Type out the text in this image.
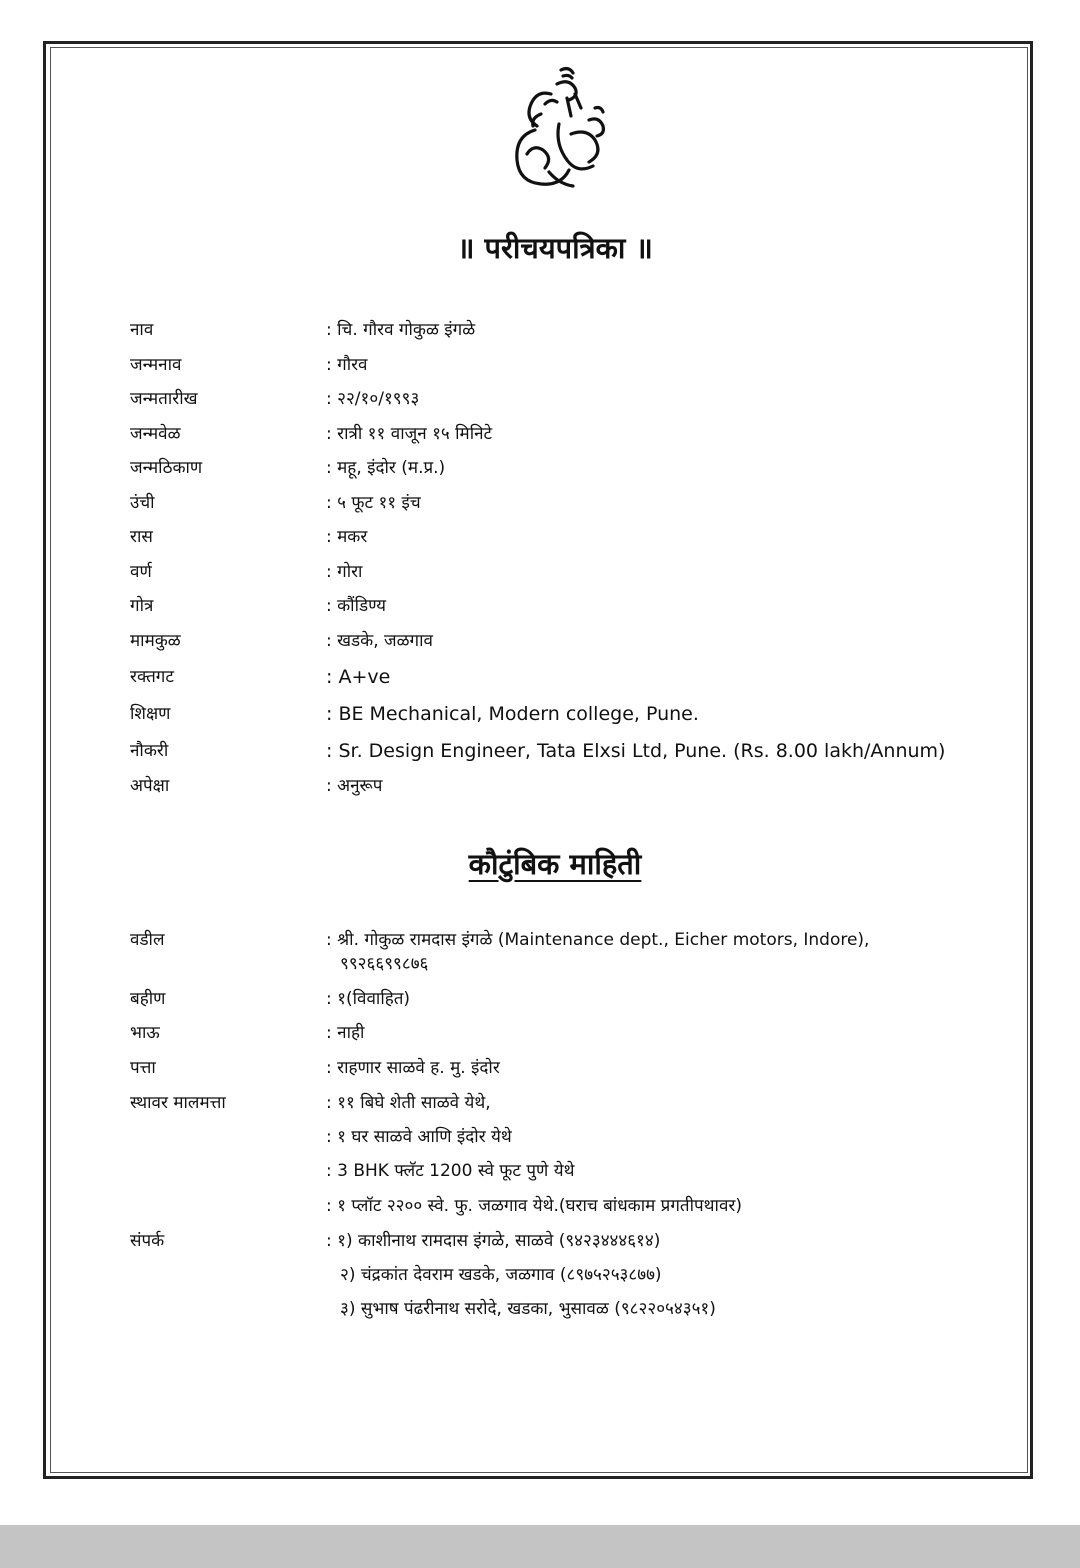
॥ परीचयपत्रिका ॥
नाव	: चि. गौरव गोकुळ इंगळे
जन्मनाव	: गौरव
जन्मतारीख	: २२/१०/१९९३
जन्मवेळ	: रात्री ११ वाजून १५ मिनिटे
जन्मठिकाण	: महू, इंदोर (म.प्र.)
उंची	: ५ फूट ११ इंच
रास	: मकर
वर्ण	: गोरा
गोत्र	: कौंडिण्य
मामकुळ	: खडके, जळगाव
रक्तगट	: A+ve
शिक्षण	: BE Mechanical, Modern college, Pune.
नौकरी	: Sr. Design Engineer, Tata Elxsi Ltd, Pune. (Rs. 8.00 lakh/Annum)
अपेक्षा	: अनुरूप
कौटुंबिक माहिती
वडील	: श्री. गोकुळ रामदास इंगळे (Maintenance dept., Eicher motors, Indore),
९९२६६९९८७६
बहीण	: १(विवाहित)
भाऊ	: नाही
पत्ता	: राहणार साळवे ह. मु. इंदोर
स्थावर मालमत्ता	: ११ बिघे शेती साळवे येथे,
: १ घर साळवे आणि इंदोर येथे
: 3 BHK फ्लॅट 1200 स्वे फूट पुणे येथे
: १ प्लॉट २२०० स्वे. फु. जळगाव येथे.(घराच बांधकाम प्रगतीपथावर)
संपर्क	: १) काशीनाथ रामदास इंगळे, साळवे (९४२३४४४६१४)
२) चंद्रकांत देवराम खडके, जळगाव (८९७५२५३८७७)
३) सुभाष पंढरीनाथ सरोदे, खडका, भुसावळ (९८२२०५४३५१)
